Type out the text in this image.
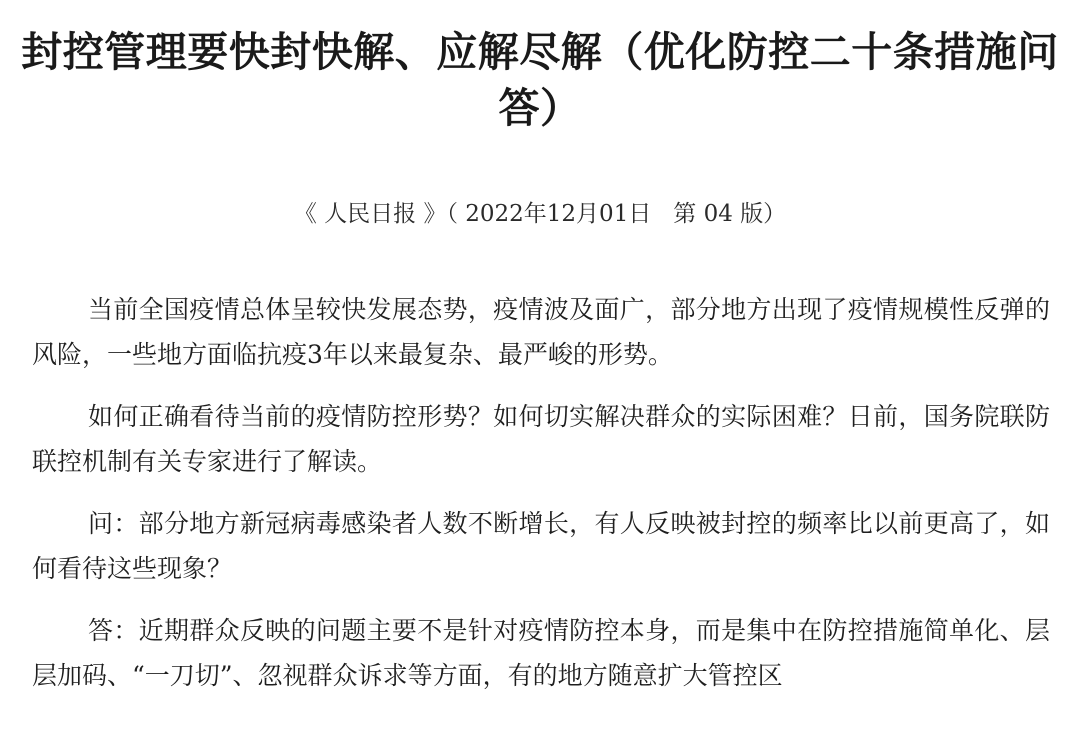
封控管理要快封快解、应解尽解（优化防控二十条措施问答）
《 人民日报 》（ 2022年12月01日   第 04 版）

当前全国疫情总体呈较快发展态势，疫情波及面广，部分地方出现了疫情规模性反弹的风险，一些地方面临抗疫3年以来最复杂、最严峻的形势。

如何正确看待当前的疫情防控形势？如何切实解决群众的实际困难？日前，国务院联防联控机制有关专家进行了解读。

问：部分地方新冠病毒感染者人数不断增长，有人反映被封控的频率比以前更高了，如何看待这些现象？

答：近期群众反映的问题主要不是针对疫情防控本身，而是集中在防控措施简单化、层层加码、“一刀切”、忽视群众诉求等方面，有的地方随意扩大管控区
